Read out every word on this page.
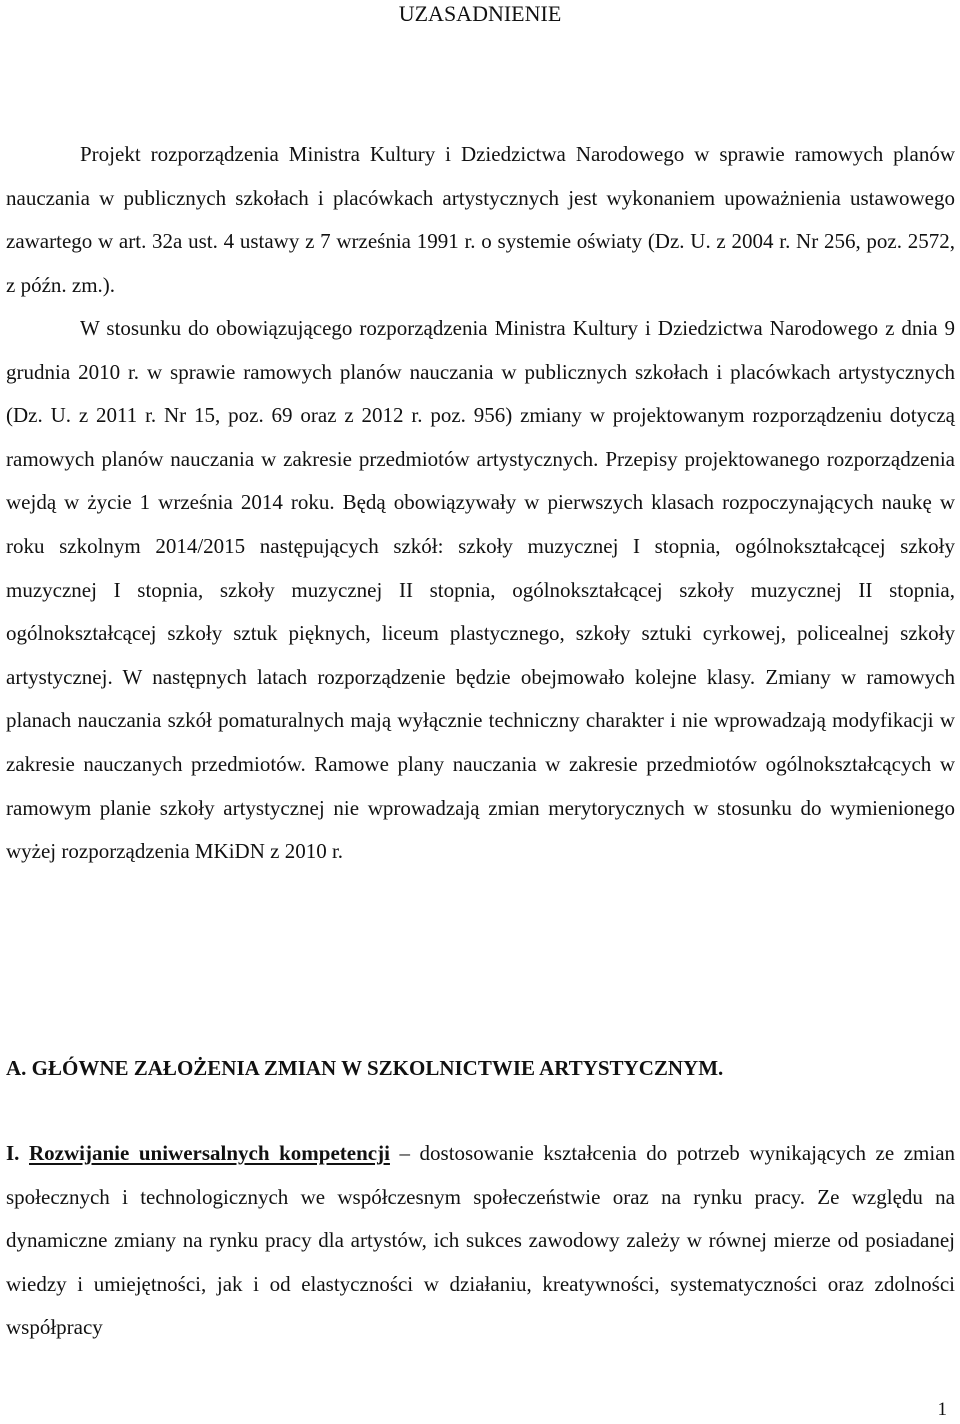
UZASADNIENIE

Projekt rozporządzenia Ministra Kultury i Dziedzictwa Narodowego w sprawie ramowych planów nauczania w publicznych szkołach i placówkach artystycznych jest wykonaniem upoważnienia ustawowego zawartego w art. 32a ust. 4 ustawy z 7 września 1991 r. o systemie oświaty (Dz. U. z 2004 r. Nr 256, poz. 2572, z późn. zm.).

W stosunku do obowiązującego rozporządzenia Ministra Kultury i Dziedzictwa Narodowego z dnia 9 grudnia 2010 r. w sprawie ramowych planów nauczania w publicznych szkołach i placówkach artystycznych (Dz. U. z 2011 r. Nr 15, poz. 69 oraz z 2012 r. poz. 956) zmiany w projektowanym rozporządzeniu dotyczą ramowych planów nauczania w zakresie przedmiotów artystycznych. Przepisy projektowanego rozporządzenia wejdą w życie 1 września 2014 roku. Będą obowiązywały w pierwszych klasach rozpoczynających naukę w roku szkolnym 2014/2015 następujących szkół: szkoły muzycznej I stopnia, ogólnokształcącej szkoły muzycznej I stopnia, szkoły muzycznej II stopnia, ogólnokształcącej szkoły muzycznej II stopnia, ogólnokształcącej szkoły sztuk pięknych, liceum plastycznego, szkoły sztuki cyrkowej, policealnej szkoły artystycznej. W następnych latach rozporządzenie będzie obejmowało kolejne klasy. Zmiany w ramowych planach nauczania szkół pomaturalnych mają wyłącznie techniczny charakter i nie wprowadzają modyfikacji w zakresie nauczanych przedmiotów. Ramowe plany nauczania w zakresie przedmiotów ogólnokształcących w ramowym planie szkoły artystycznej nie wprowadzają zmian merytorycznych w stosunku do wymienionego wyżej rozporządzenia MKiDN z 2010 r.

A. GŁÓWNE ZAŁOŻENIA ZMIAN W SZKOLNICTWIE ARTYSTYCZNYM.

I. Rozwijanie uniwersalnych kompetencji – dostosowanie kształcenia do potrzeb wynikających ze zmian społecznych i technologicznych we współczesnym społeczeństwie oraz na rynku pracy. Ze względu na dynamiczne zmiany na rynku pracy dla artystów, ich sukces zawodowy zależy w równej mierze od posiadanej wiedzy i umiejętności, jak i od elastyczności w działaniu, kreatywności, systematyczności oraz zdolności współpracy

1
